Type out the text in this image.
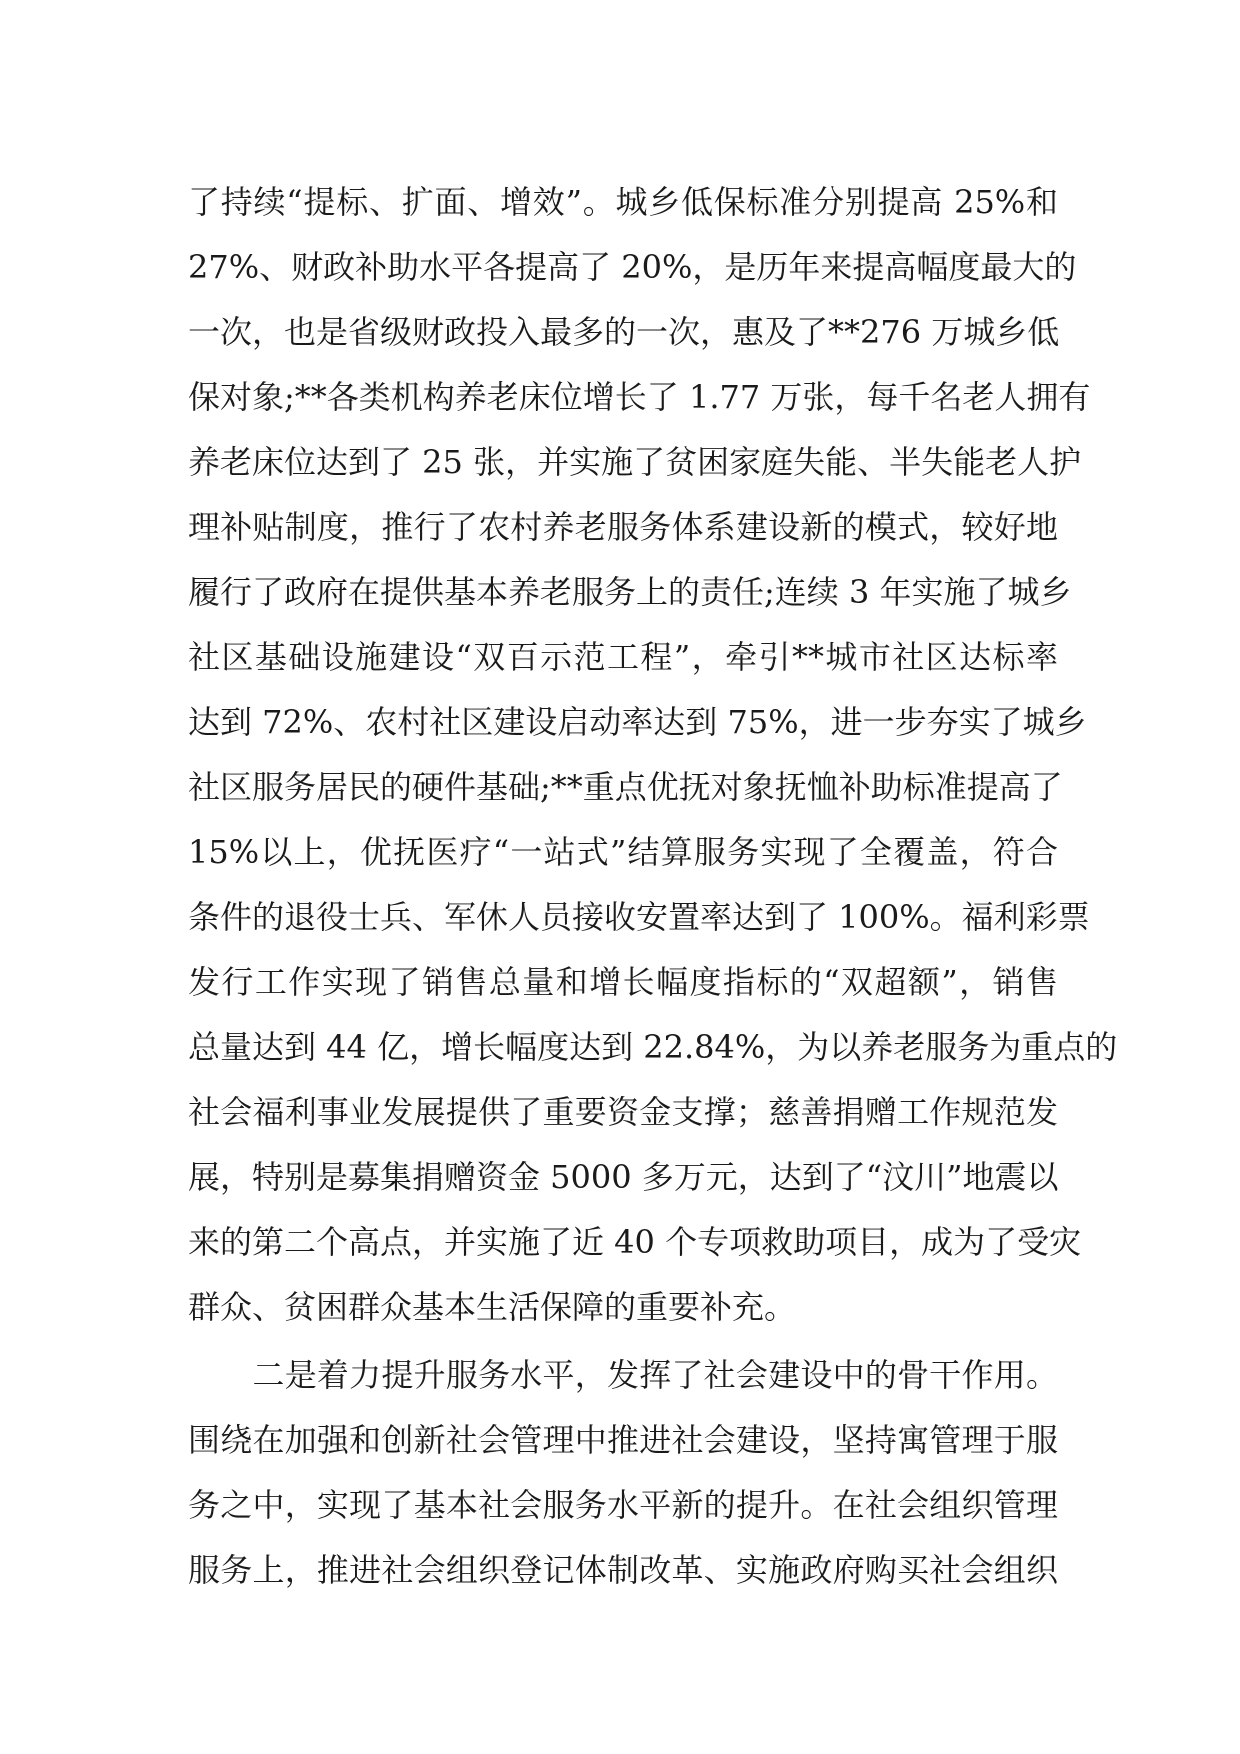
了持续“提标、扩面、增效”。城乡低保标准分别提高 25%和
27%、财政补助水平各提高了 20%，是历年来提高幅度最大的
一次，也是省级财政投入最多的一次，惠及了**276 万城乡低
保对象;**各类机构养老床位增长了 1.77 万张，每千名老人拥有
养老床位达到了 25 张，并实施了贫困家庭失能、半失能老人护
理补贴制度，推行了农村养老服务体系建设新的模式，较好地
履行了政府在提供基本养老服务上的责任;连续 3 年实施了城乡
社区基础设施建设“双百示范工程”，牵引**城市社区达标率
达到 72%、农村社区建设启动率达到 75%，进一步夯实了城乡
社区服务居民的硬件基础;**重点优抚对象抚恤补助标准提高了
15%以上，优抚医疗“一站式”结算服务实现了全覆盖，符合
条件的退役士兵、军休人员接收安置率达到了 100%。福利彩票
发行工作实现了销售总量和增长幅度指标的“双超额”，销售
总量达到 44 亿，增长幅度达到 22.84%，为以养老服务为重点的
社会福利事业发展提供了重要资金支撑；慈善捐赠工作规范发
展，特别是募集捐赠资金 5000 多万元，达到了“汶川”地震以
来的第二个高点，并实施了近 40 个专项救助项目，成为了受灾
群众、贫困群众基本生活保障的重要补充。
　　二是着力提升服务水平，发挥了社会建设中的骨干作用。
围绕在加强和创新社会管理中推进社会建设，坚持寓管理于服
务之中，实现了基本社会服务水平新的提升。在社会组织管理
服务上，推进社会组织登记体制改革、实施政府购买社会组织
